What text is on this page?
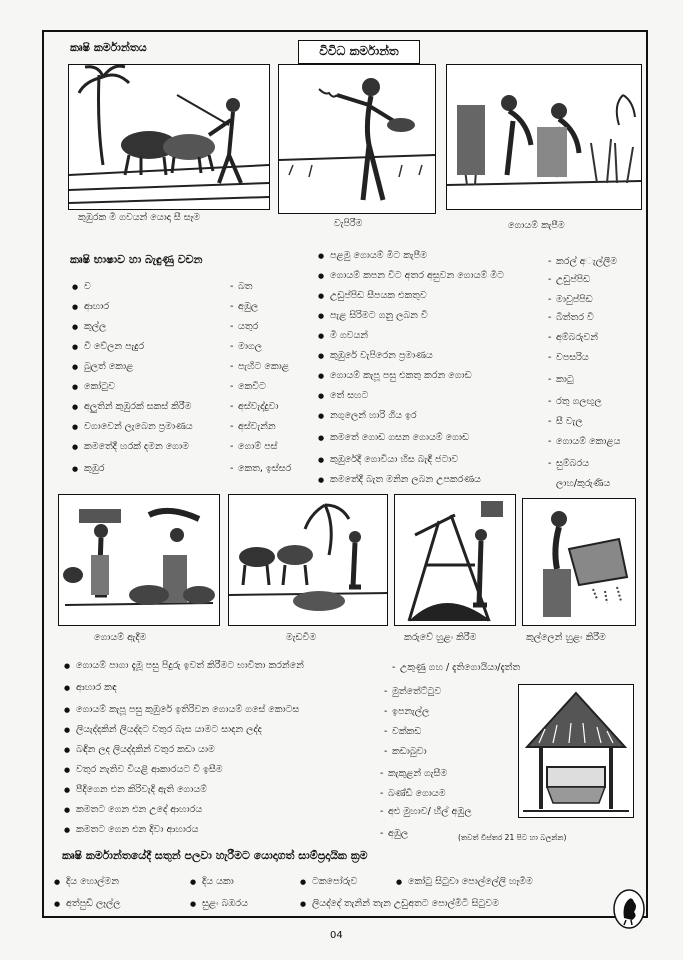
කෘෂි කර්මාන්තය	විවිධ කර්මාන්ත
කුඹුරක මී ගවයන් යොදා සී සෑම
වැපිරීම	ගොයම් කැපීම
කෘෂි භාෂාව හා බැඳුණු වචන
● ව	- බත
● ආහාර	- අඹුල
● කුල්ල	- යතුර
● වී වේලන පැදුර	- මාගල
● බුලත් කොළ	- පැහිට කොළ
● කෝටුව	- කෙවිට
● අලුතින් කුඹුරක් සකස් කිරීම	- අස්වැද්දුවා
● වගාවෙන් ලැබෙන ප්‍රමාණය	- අස්වැන්න
● කමතේදී හරක් දමන ගොම	- ගොම් පස්
● කුඹුර	- කෙත, ඉස්සර
● පළමු ගොයම් මිට කැපීම
- කරල් අැල්ලීම
● ගොයම් කපන විට අතර අසුවන ගොයම් මිට	- උඩුප්පිඩ
● උඩුප්පිඩ සීපයක එකතුව	- මාවුප්පිඩ
● පැළ සිරිමට ගනු ලබන වී	- බිත්තර වී
● මී ගවයන්	- අම්බරුවන්
● කුඹුරේ වැපිරෙන ප්‍රමාණය	- වපසරිය
● ගොයම් කැපූ පසු එකතු කරන ගොඩ	- කාටු
● තේ සහට
- රතු ගලඟුල
● නගුලෙන් හාරි ගිය ඉර
- සී වැල
● කමතේ ගොඩ ගසන ගොයම් ගොඩ	- ගොයම් කොළය
● කුඹුරේදී ගොවියා හිස බැඳී ජටාව	- සුම්බරය
● කමතේදී බැත මනින ලබන උපකරණය	ලාහ/කුරුණිය
ගොයම් ඇදීම	මැඩවීම	කරුවේ හුළං කිරීම	කුල්ලෙන් හුළං කිරීම
● ගොයම් පාගා දැමූ පසු පිදුරු ඉවත් කිරීමට භාවිතා කරන්නේ	- උකුණු ගහ / දැතිගොයියා/දැත්ත
● ආහාර කඳ	- මුත්තේට්ටුව
● ගොයම් කැපූ පසු කුඹුරේ ඉතිරිවන ගොයම් ගසේ කොටස	- ඉපනැල්ල
● ලියැද්දකින් ලියද්දට වතුර බැස යාමට සාදන ලද්ද	- වක්කඩ
● බඳින ලද ලියද්දකින් වතුර කඩා යාම	- කඩාබුවා
● වතුර නැතිව වියළි ආකාරයට වී ඉසීම	- කැකුළන් ගැසීම
● පීදිගෙන එන කිරිවැදි ඇති ගොයම්	- බණ්ඩි ගොයම
● කමතට ගෙන එන උදේ ආහාරය	- අළු මුහාව/ හීල් අඹුල
● කමතට ගෙන එන දිවා ආහාරය	- අඹුල	(තවත් විස්තර 21 පිට හා බලන්න)
කෘෂි කර්මාන්තයේදී සතුන් පලවා හැරීමට යොදාගත් සාම්ප්‍රදායික ක්‍රම
● දිය හොල්මන	● දිය යකා	● ටකපෝරුව	● කෝටු සිටුවා පොල්ලේලි හෑමීම
● අත්පුඩි ලෑල්ල	● සුළං බඹරය	● ලියද්දේ තැනින් තැන උඩුඅතට පොල්මිටි සිටුවම
04
